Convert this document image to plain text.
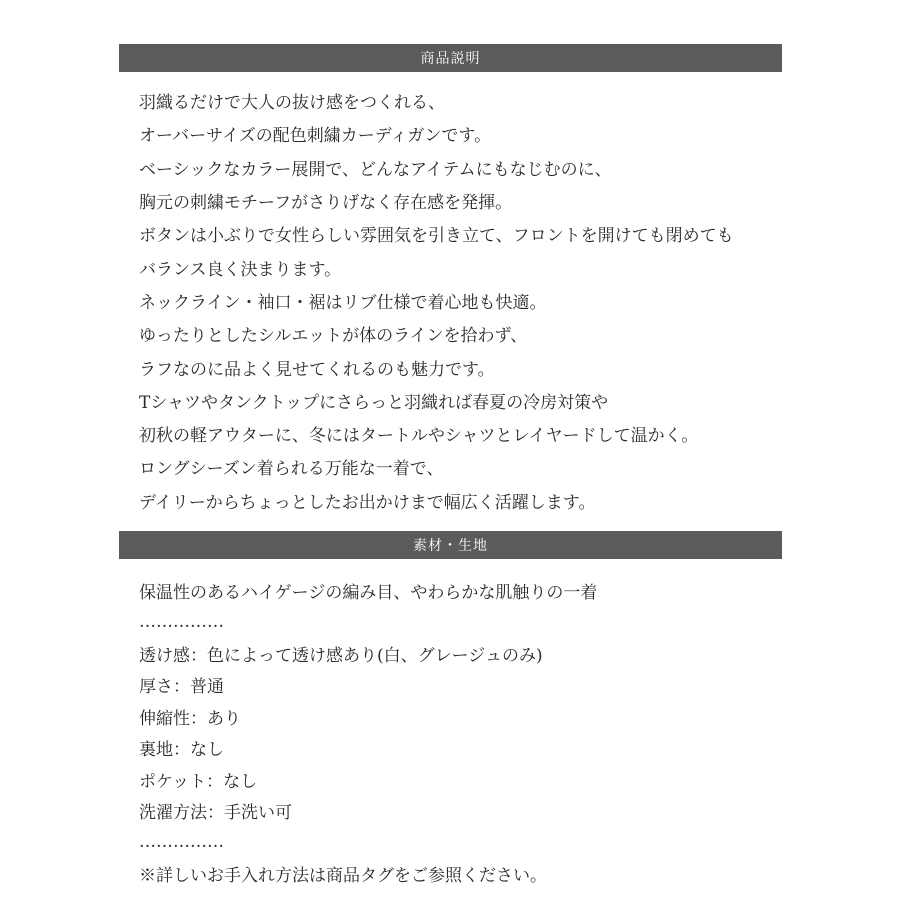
商品説明
羽織るだけで大人の抜け感をつくれる、
オーバーサイズの配色刺繍カーディガンです。
ベーシックなカラー展開で、どんなアイテムにもなじむのに、
胸元の刺繍モチーフがさりげなく存在感を発揮。
ボタンは小ぶりで女性らしい雰囲気を引き立て、フロントを開けても閉めても
バランス良く決まります。
ネックライン・袖口・裾はリブ仕様で着心地も快適。
ゆったりとしたシルエットが体のラインを拾わず、
ラフなのに品よく見せてくれるのも魅力です。
Tシャツやタンクトップにさらっと羽織れば春夏の冷房対策や
初秋の軽アウターに、冬にはタートルやシャツとレイヤードして温かく。
ロングシーズン着られる万能な一着で、
デイリーからちょっとしたお出かけまで幅広く活躍します。
素材・生地
保温性のあるハイゲージの編み目、やわらかな肌触りの一着
……………
透け感：色によって透け感あり(白、グレージュのみ)
厚さ：普通
伸縮性：あり
裏地：なし
ポケット：なし
洗濯方法：手洗い可
……………
※詳しいお手入れ方法は商品タグをご参照ください。
